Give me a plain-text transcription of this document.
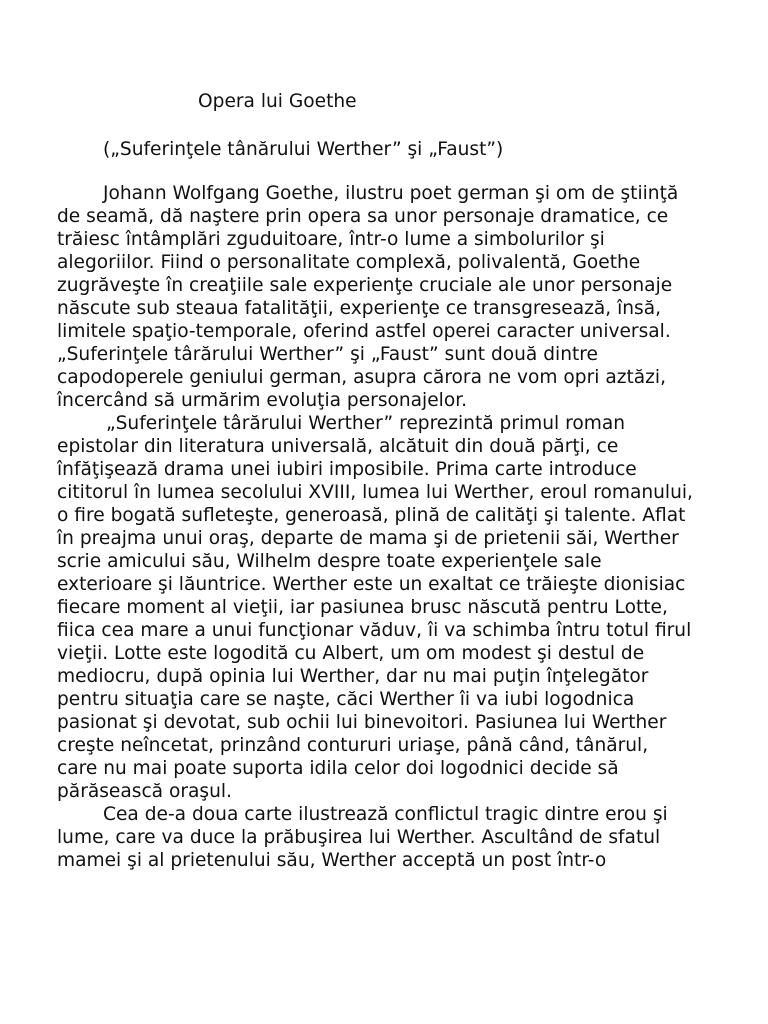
Opera lui Goethe

(„Suferinţele tânărului Werther” şi „Faust”)

Johann Wolfgang Goethe, ilustru poet german şi om de ştiinţă

de seamă, dă naştere prin opera sa unor personaje dramatice, ce

trăiesc întâmplări zguduitoare, într-o lume a simbolurilor şi

alegoriilor. Fiind o personalitate complexă, polivalentă, Goethe

zugrăveşte în creaţiile sale experienţe cruciale ale unor personaje

născute sub steaua fatalităţii, experienţe ce transgresează, însă,

limitele spaţio-temporale, oferind astfel operei caracter universal.

„Suferinţele târărului Werther” şi „Faust” sunt două dintre

capodoperele geniului german, asupra cărora ne vom opri aztăzi,

încercând să urmărim evoluţia personajelor.

„Suferinţele târărului Werther” reprezintă primul roman

epistolar din literatura universală, alcătuit din două părţi, ce

înfăţişează drama unei iubiri imposibile. Prima carte introduce

cititorul în lumea secolului XVIII, lumea lui Werther, eroul romanului,

o fire bogată sufleteşte, generoasă, plină de calităţi şi talente. Aflat

în preajma unui oraş, departe de mama şi de prietenii săi, Werther

scrie amicului său, Wilhelm despre toate experienţele sale

exterioare şi lăuntrice. Werther este un exaltat ce trăieşte dionisiac

fiecare moment al vieţii, iar pasiunea brusc născută pentru Lotte,

fiica cea mare a unui funcţionar văduv, îi va schimba întru totul firul

vieţii. Lotte este logodită cu Albert, um om modest şi destul de

mediocru, după opinia lui Werther, dar nu mai puţin înţelegător

pentru situaţia care se naşte, căci Werther îi va iubi logodnica

pasionat şi devotat, sub ochii lui binevoitori. Pasiunea lui Werther

creşte neîncetat, prinzând contururi uriaşe, până când, tânărul,

care nu mai poate suporta idila celor doi logodnici decide să

părăsească oraşul.

Cea de-a doua carte ilustrează conflictul tragic dintre erou şi

lume, care va duce la prăbuşirea lui Werther. Ascultând de sfatul

mamei şi al prietenului său, Werther acceptă un post într-o
